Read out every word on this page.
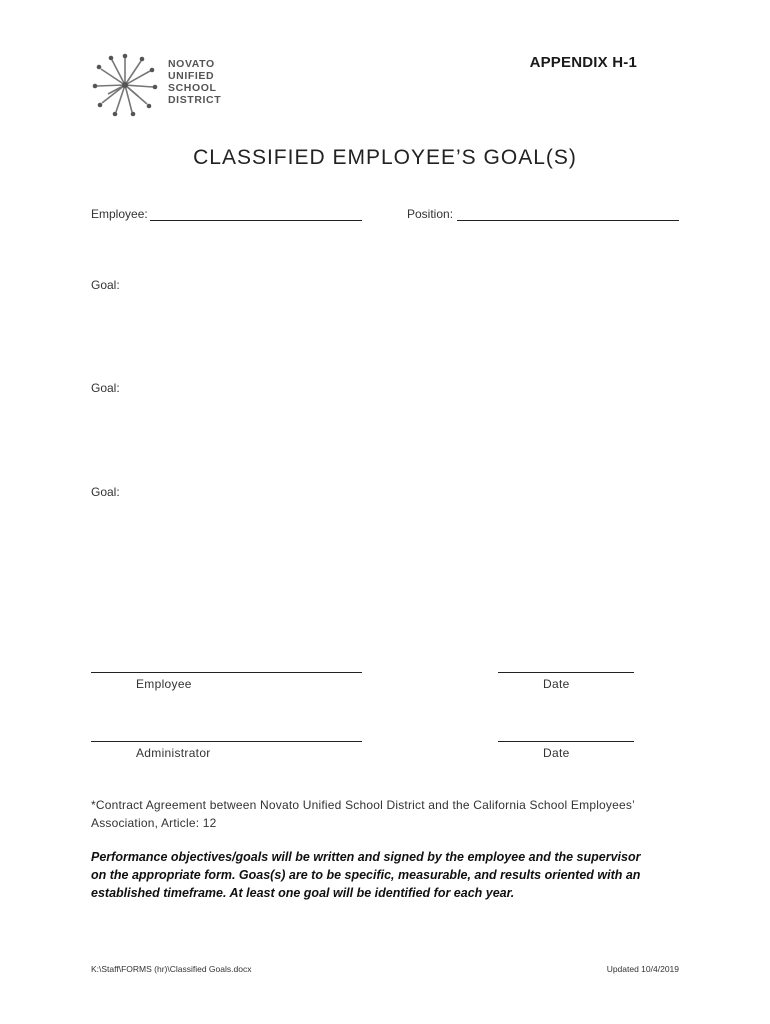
NOVATO
UNIFIED
SCHOOL
DISTRICT
APPENDIX H-1
CLASSIFIED EMPLOYEE’S GOAL(S)
Employee:	Position:
Goal:
Goal:
Goal:
Employee	Date
Administrator	Date
*Contract Agreement between Novato Unified School District and the California School Employees’ Association, Article: 12
Performance objectives/goals will be written and signed by the employee and the supervisor on the appropriate form. Goas(s) are to be specific, measurable, and results oriented with an established timeframe. At least one goal will be identified for each year.
K:\Staff\FORMS (hr)\Classified Goals.docx	Updated 10/4/2019
